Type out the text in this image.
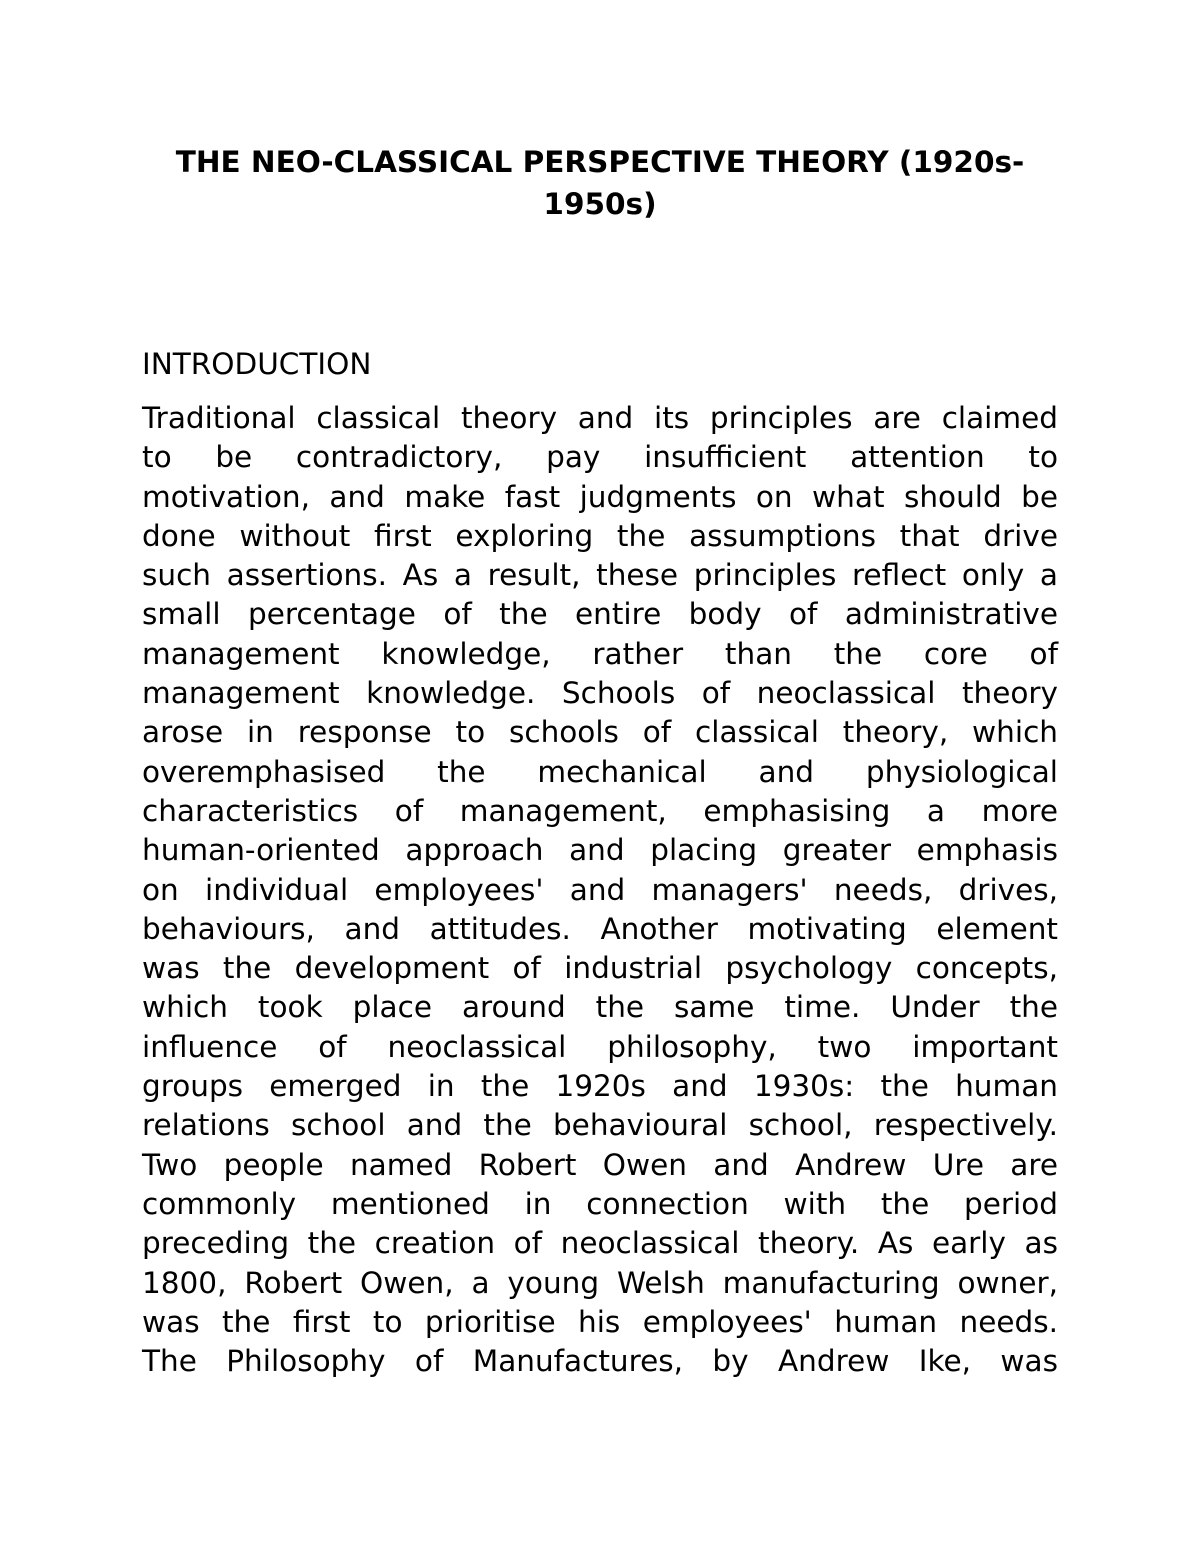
THE NEO-CLASSICAL PERSPECTIVE THEORY (1920s-
1950s)
INTRODUCTION
Traditional classical theory and its principles are claimed
to be contradictory, pay insufficient attention to
motivation, and make fast judgments on what should be
done without first exploring the assumptions that drive
such assertions. As a result, these principles reflect only a
small percentage of the entire body of administrative
management knowledge, rather than the core of
management knowledge. Schools of neoclassical theory
arose in response to schools of classical theory, which
overemphasised the mechanical and physiological
characteristics of management, emphasising a more
human-oriented approach and placing greater emphasis
on individual employees' and managers' needs, drives,
behaviours, and attitudes. Another motivating element
was the development of industrial psychology concepts,
which took place around the same time. Under the
influence of neoclassical philosophy, two important
groups emerged in the 1920s and 1930s: the human
relations school and the behavioural school, respectively.
Two people named Robert Owen and Andrew Ure are
commonly mentioned in connection with the period
preceding the creation of neoclassical theory. As early as
1800, Robert Owen, a young Welsh manufacturing owner,
was the first to prioritise his employees' human needs.
The Philosophy of Manufactures, by Andrew Ike, was
